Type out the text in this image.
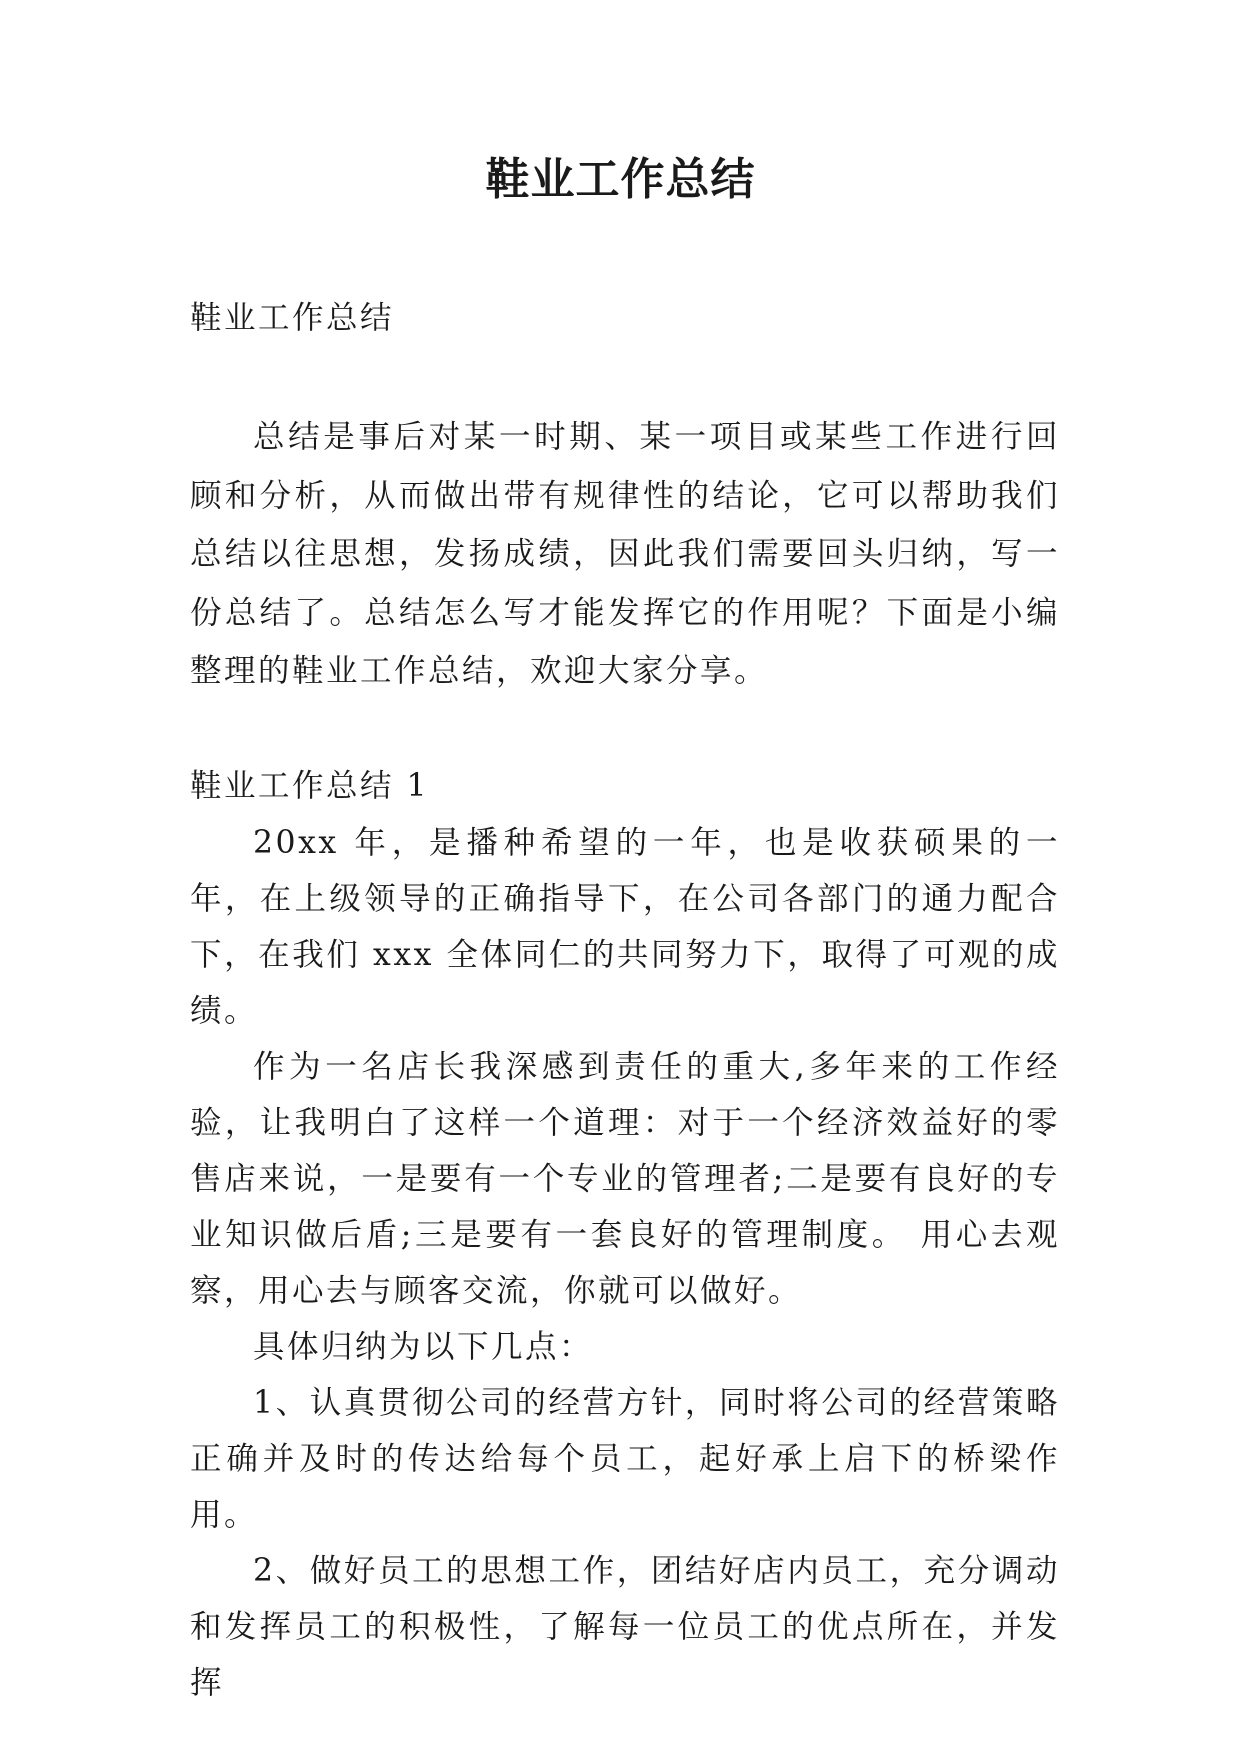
鞋业工作总结

鞋业工作总结

总结是事后对某一时期、某一项目或某些工作进行回顾和分析，从而做出带有规律性的结论，它可以帮助我们总结以往思想，发扬成绩，因此我们需要回头归纳，写一份总结了。总结怎么写才能发挥它的作用呢？下面是小编整理的鞋业工作总结，欢迎大家分享。

鞋业工作总结 1

20xx 年，是播种希望的一年，也是收获硕果的一年，在上级领导的正确指导下，在公司各部门的通力配合下，在我们 xxx 全体同仁的共同努力下，取得了可观的成绩。

作为一名店长我深感到责任的重大,多年来的工作经验，让我明白了这样一个道理：对于一个经济效益好的零售店来说，一是要有一个专业的管理者;二是要有良好的专业知识做后盾;三是要有一套良好的管理制度。 用心去观察，用心去与顾客交流，你就可以做好。

具体归纳为以下几点：

1、认真贯彻公司的经营方针，同时将公司的经营策略正确并及时的传达给每个员工，起好承上启下的桥梁作用。

2、做好员工的思想工作，团结好店内员工，充分调动和发挥员工的积极性，了解每一位员工的优点所在，并发挥
